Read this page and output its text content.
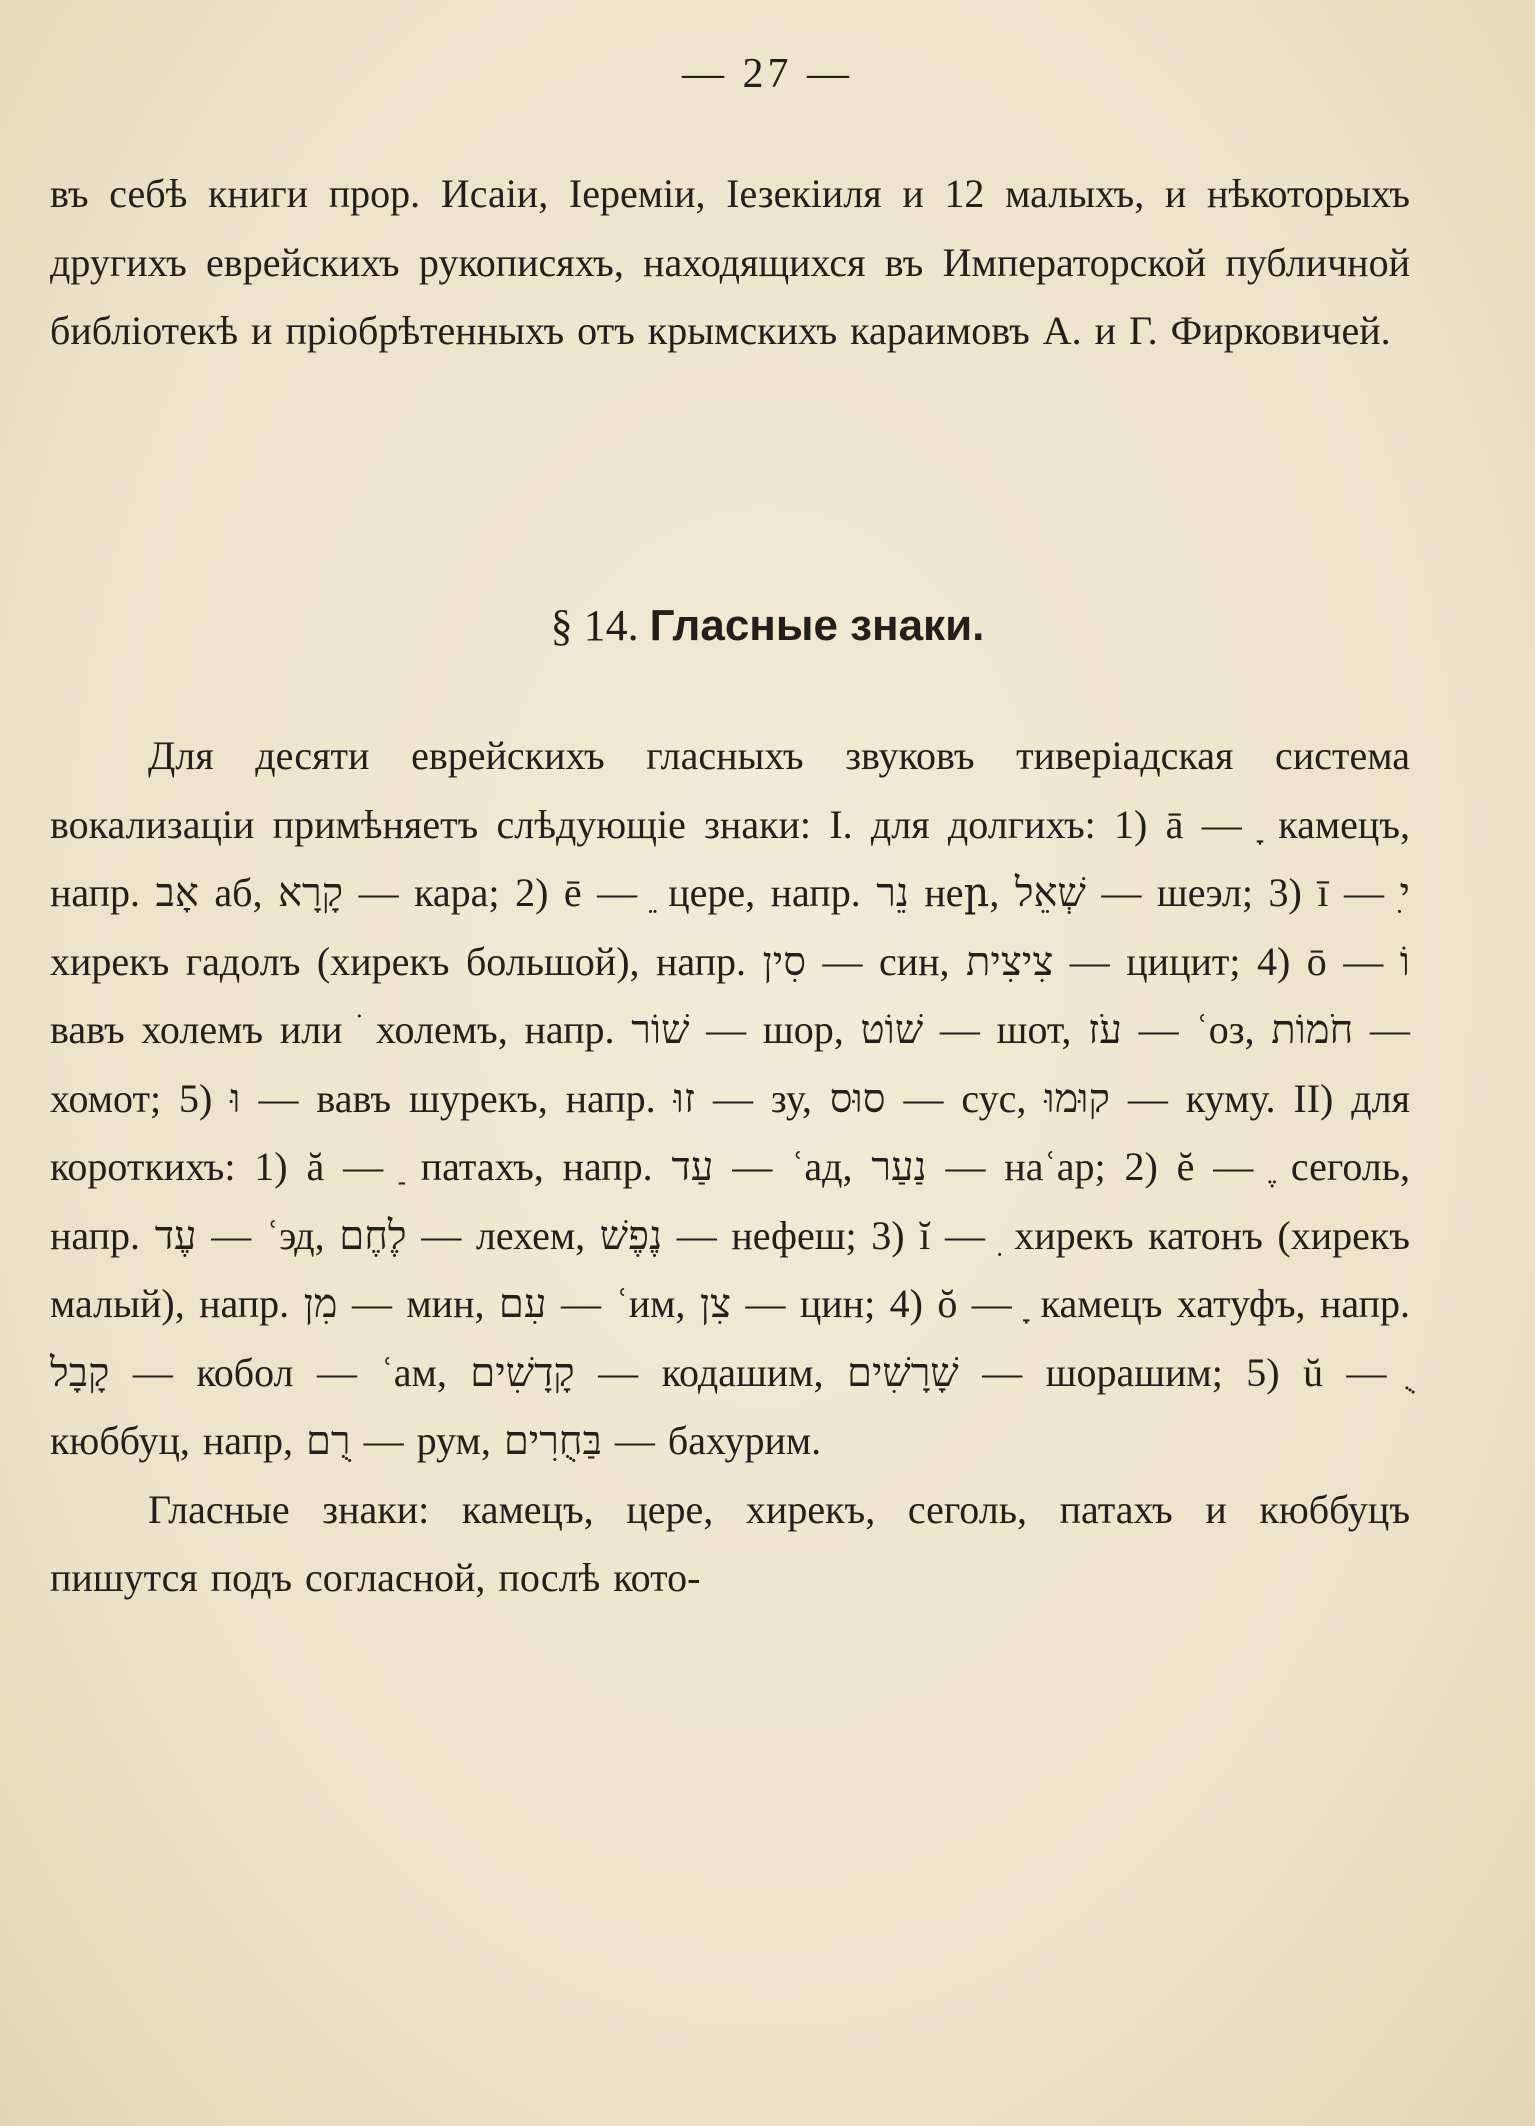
— 27 —

въ себѣ книги прор. Исаіи, Іереміи, Іезекіиля и 12 малыхъ, и нѣкоторыхъ другихъ еврейскихъ рукописяхъ, находящихся въ Императорской публичной библіотекѣ и пріобрѣтенныхъ отъ крымскихъ караимовъ А. и Г. Фирковичей.

§ 14. Гласные знаки.

Для десяти еврейскихъ гласныхъ звуковъ тиверіадская система вокализаціи примѣняетъ слѣдующіе знаки: I. для долгихъ: 1) ā — ָ камецъ, напр. אָב аб, קָרָא — кара; 2) ē — ֵ цере, напр. נֵר неր, שְׁאֵל — шеэл; 3) ī — ִי хирекъ гадолъ (хирекъ большой), напр. סִין — син, צִיצִית — цицит; 4) ō — וֹ вавъ холемъ или ֹ холемъ, напр. שׁוֹר — шор, שׁוֹט — шот, עֹז — ʿоз, חֹמוֹת — хомот; 5) וּ — вавъ шурекъ, напр. זוּ — зу, סוּס — сус, קוּמוּ — куму. II) для короткихъ: 1) ă — ַ патахъ, напр. עַד — ʿад, נַעַר — наʿар; 2) ĕ — ֶ сеголь, напр. עֶד — ʿэд, לֶחֶם — лехем, נֶפֶשׁ — нефеш; 3) ĭ — ִ хирекъ катонъ (хирекъ малый), напр. מִן — мин, עִם — ʿим, צִן — цин; 4) ŏ — ָ камецъ хатуфъ, напр. קָבָל — кобол — ʿам, קָדָשִׁים — кодашим, שָׁרָשִׁים — шорашим; 5) ŭ — ֻ кюббуц, напр, רֻם — рум, בַּחֻרִים — бахурим.

Гласные знаки: камецъ, цере, хирекъ, сеголь, патахъ и кюббуцъ пишутся подъ согласной, послѣ кото-
